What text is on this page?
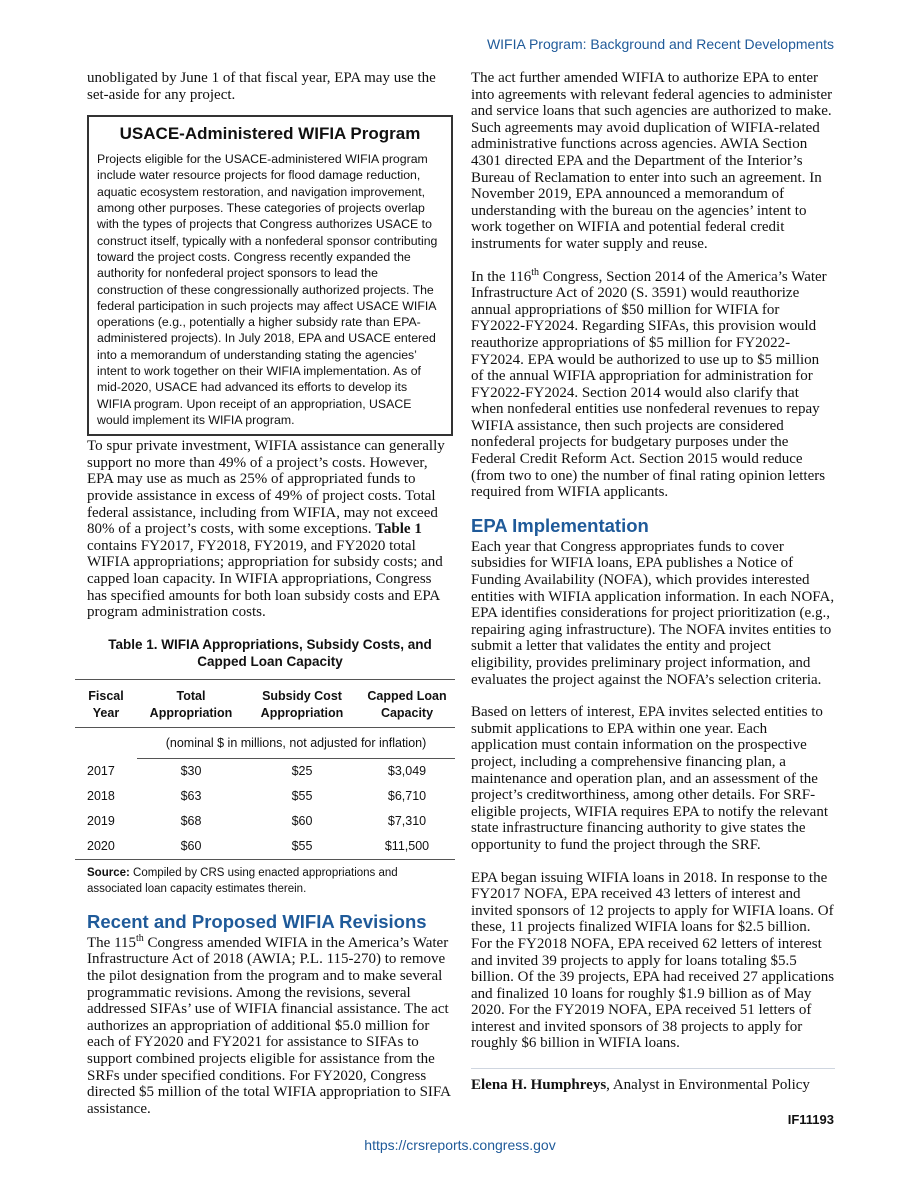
WIFIA Program: Background and Recent Developments

unobligated by June 1 of that fiscal year, EPA may use the set-aside for any project.

USACE-Administered WIFIA Program
Projects eligible for the USACE-administered WIFIA program include water resource projects for flood damage reduction, aquatic ecosystem restoration, and navigation improvement, among other purposes. These categories of projects overlap with the types of projects that Congress authorizes USACE to construct itself, typically with a nonfederal sponsor contributing toward the project costs. Congress recently expanded the authority for nonfederal project sponsors to lead the construction of these congressionally authorized projects. The federal participation in such projects may affect USACE WIFIA operations (e.g., potentially a higher subsidy rate than EPA-administered projects). In July 2018, EPA and USACE entered into a memorandum of understanding stating the agencies’ intent to work together on their WIFIA implementation. As of mid-2020, USACE had advanced its efforts to develop its WIFIA program. Upon receipt of an appropriation, USACE would implement its WIFIA program.

To spur private investment, WIFIA assistance can generally support no more than 49% of a project’s costs. However, EPA may use as much as 25% of appropriated funds to provide assistance in excess of 49% of project costs. Total federal assistance, including from WIFIA, may not exceed 80% of a project’s costs, with some exceptions. Table 1 contains FY2017, FY2018, FY2019, and FY2020 total WIFIA appropriations; appropriation for subsidy costs; and capped loan capacity. In WIFIA appropriations, Congress has specified amounts for both loan subsidy costs and EPA program administration costs.

Table 1. WIFIA Appropriations, Subsidy Costs, and Capped Loan Capacity
Fiscal Year	Total Appropriation	Subsidy Cost Appropriation	Capped Loan Capacity
	(nominal $ in millions, not adjusted for inflation)		
2017	$30	$25	$3,049
2018	$63	$55	$6,710
2019	$68	$60	$7,310
2020	$60	$55	$11,500
Source: Compiled by CRS using enacted appropriations and associated loan capacity estimates therein.
Recent and Proposed WIFIA Revisions

The 115th Congress amended WIFIA in the America’s Water Infrastructure Act of 2018 (AWIA; P.L. 115-270) to remove the pilot designation from the program and to make several programmatic revisions. Among the revisions, several addressed SIFAs’ use of WIFIA financial assistance. The act authorizes an appropriation of additional $5.0 million for each of FY2020 and FY2021 for assistance to SIFAs to support combined projects eligible for assistance from the SRFs under specified conditions. For FY2020, Congress directed $5 million of the total WIFIA appropriation to SIFA assistance.

The act further amended WIFIA to authorize EPA to enter into agreements with relevant federal agencies to administer and service loans that such agencies are authorized to make. Such agreements may avoid duplication of WIFIA-related administrative functions across agencies. AWIA Section 4301 directed EPA and the Department of the Interior’s Bureau of Reclamation to enter into such an agreement. In November 2019, EPA announced a memorandum of understanding with the bureau on the agencies’ intent to work together on WIFIA and potential federal credit instruments for water supply and reuse.

In the 116th Congress, Section 2014 of the America’s Water Infrastructure Act of 2020 (S. 3591) would reauthorize annual appropriations of $50 million for WIFIA for FY2022-FY2024. Regarding SIFAs, this provision would reauthorize appropriations of $5 million for FY2022-FY2024. EPA would be authorized to use up to $5 million of the annual WIFIA appropriation for administration for FY2022-FY2024. Section 2014 would also clarify that when nonfederal entities use nonfederal revenues to repay WIFIA assistance, then such projects are considered nonfederal projects for budgetary purposes under the Federal Credit Reform Act. Section 2015 would reduce (from two to one) the number of final rating opinion letters required from WIFIA applicants.

EPA Implementation

Each year that Congress appropriates funds to cover subsidies for WIFIA loans, EPA publishes a Notice of Funding Availability (NOFA), which provides interested entities with WIFIA application information. In each NOFA, EPA identifies considerations for project prioritization (e.g., repairing aging infrastructure). The NOFA invites entities to submit a letter that validates the entity and project eligibility, provides preliminary project information, and evaluates the project against the NOFA’s selection criteria.

Based on letters of interest, EPA invites selected entities to submit applications to EPA within one year. Each application must contain information on the prospective project, including a comprehensive financing plan, a maintenance and operation plan, and an assessment of the project’s creditworthiness, among other details. For SRF-eligible projects, WIFIA requires EPA to notify the relevant state infrastructure financing authority to give states the opportunity to fund the project through the SRF.

EPA began issuing WIFIA loans in 2018. In response to the FY2017 NOFA, EPA received 43 letters of interest and invited sponsors of 12 projects to apply for WIFIA loans. Of these, 11 projects finalized WIFIA loans for $2.5 billion. For the FY2018 NOFA, EPA received 62 letters of interest and invited 39 projects to apply for loans totaling $5.5 billion. Of the 39 projects, EPA had received 27 applications and finalized 10 loans for roughly $1.9 billion as of May 2020. For the FY2019 NOFA, EPA received 51 letters of interest and invited sponsors of 38 projects to apply for roughly $6 billion in WIFIA loans.

Elena H. Humphreys, Analyst in Environmental Policy
IF11193
https://crsreports.congress.gov
